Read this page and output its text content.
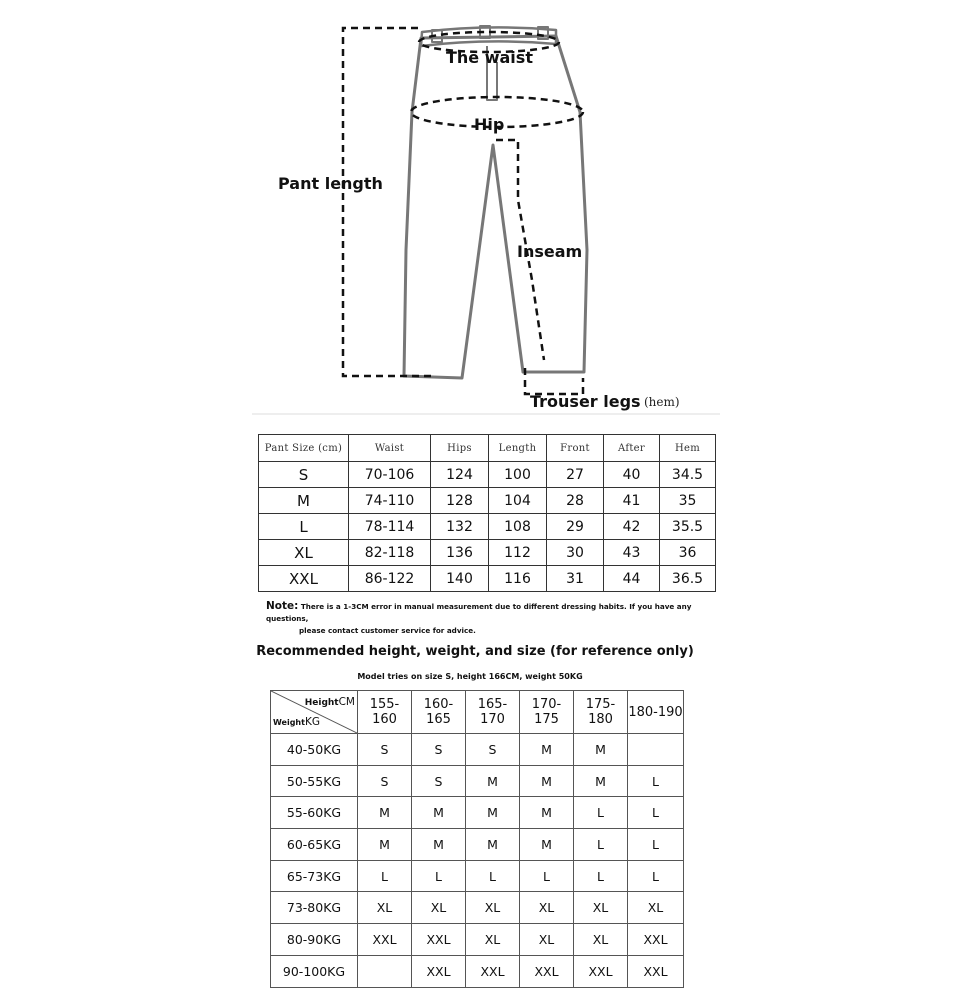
The waist
Hip
Pant length
Inseam
Trouser legs (hem)
Pant Size (cm)	Waist	Hips	Length	Front	After	Hem
S	70-106	124	100	27	40	34.5
M	74-110	128	104	28	41	35
L	78-114	132	108	29	42	35.5
XL	82-118	136	112	30	43	36
XXL	86-122	140	116	31	44	36.5
Note: There is a 1-3CM error in manual measurement due to different dressing habits. If you have any questions,
please contact customer service for advice.
Recommended height, weight, and size (for reference only)
Model tries on size S, height 166CM, weight 50KG
HeightCM
WeightKG	155-160	160-165	165-170	170-175	175-180	180-190
40-50KG	S	S	S	M	M	
50-55KG	S	S	M	M	M	L
55-60KG	M	M	M	M	L	L
60-65KG	M	M	M	M	L	L
65-73KG	L	L	L	L	L	L
73-80KG	XL	XL	XL	XL	XL	XL
80-90KG	XXL	XXL	XL	XL	XL	XXL
90-100KG		XXL	XXL	XXL	XXL	XXL
